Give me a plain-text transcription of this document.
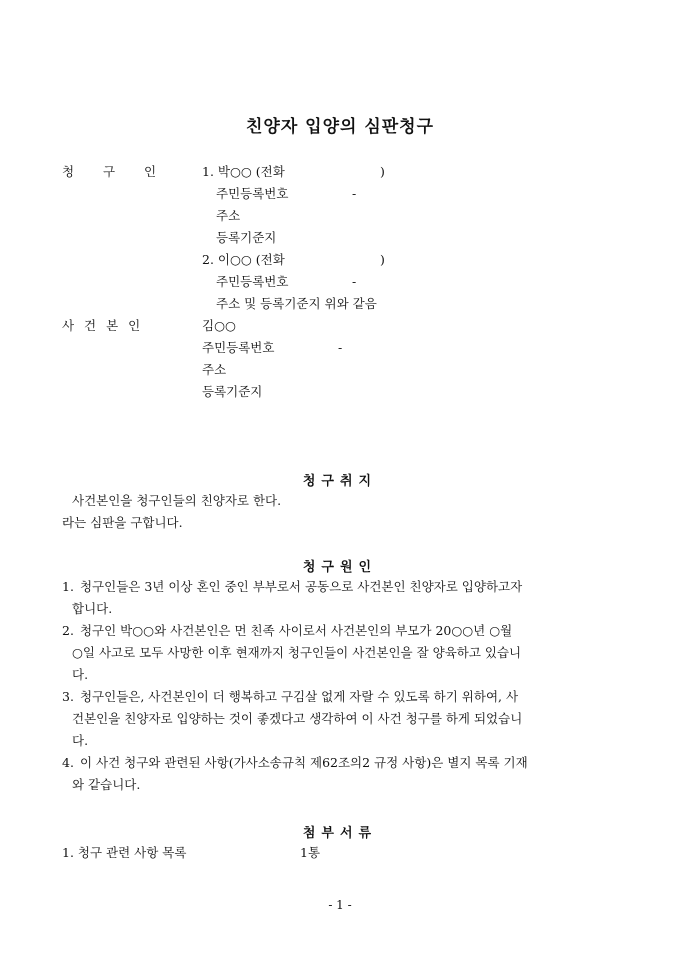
친양자 입양의 심판청구
청  구  인	1. 박○○ (전화	)
주민등록번호	-
주소
등록기준지
2. 이○○ (전화	)
주민등록번호	-
주소 및 등록기준지 위와 같음
사 건 본 인	김○○
주민등록번호	-
주소
등록기준지
청구취지
사건본인을 청구인들의 친양자로 한다.
라는 심판을 구합니다.
청구원인
1. 청구인들은 3년 이상 혼인 중인 부부로서 공동으로 사건본인 친양자로 입양하고자
합니다.
2. 청구인 박○○와 사건본인은 먼 친족 사이로서 사건본인의 부모가 20○○년 ○월
○일 사고로 모두 사망한 이후 현재까지 청구인들이 사건본인을 잘 양육하고 있습니
다.
3. 청구인들은, 사건본인이 더 행복하고 구김살 없게 자랄 수 있도록 하기 위하여, 사
건본인을 친양자로 입양하는 것이 좋겠다고 생각하여 이 사건 청구를 하게 되었습니
다.
4. 이 사건 청구와 관련된 사항(가사소송규칙 제62조의2 규정 사항)은 별지 목록 기재
와 같습니다.
첨부서류
1. 청구 관련 사항 목록	1통
- 1 -
